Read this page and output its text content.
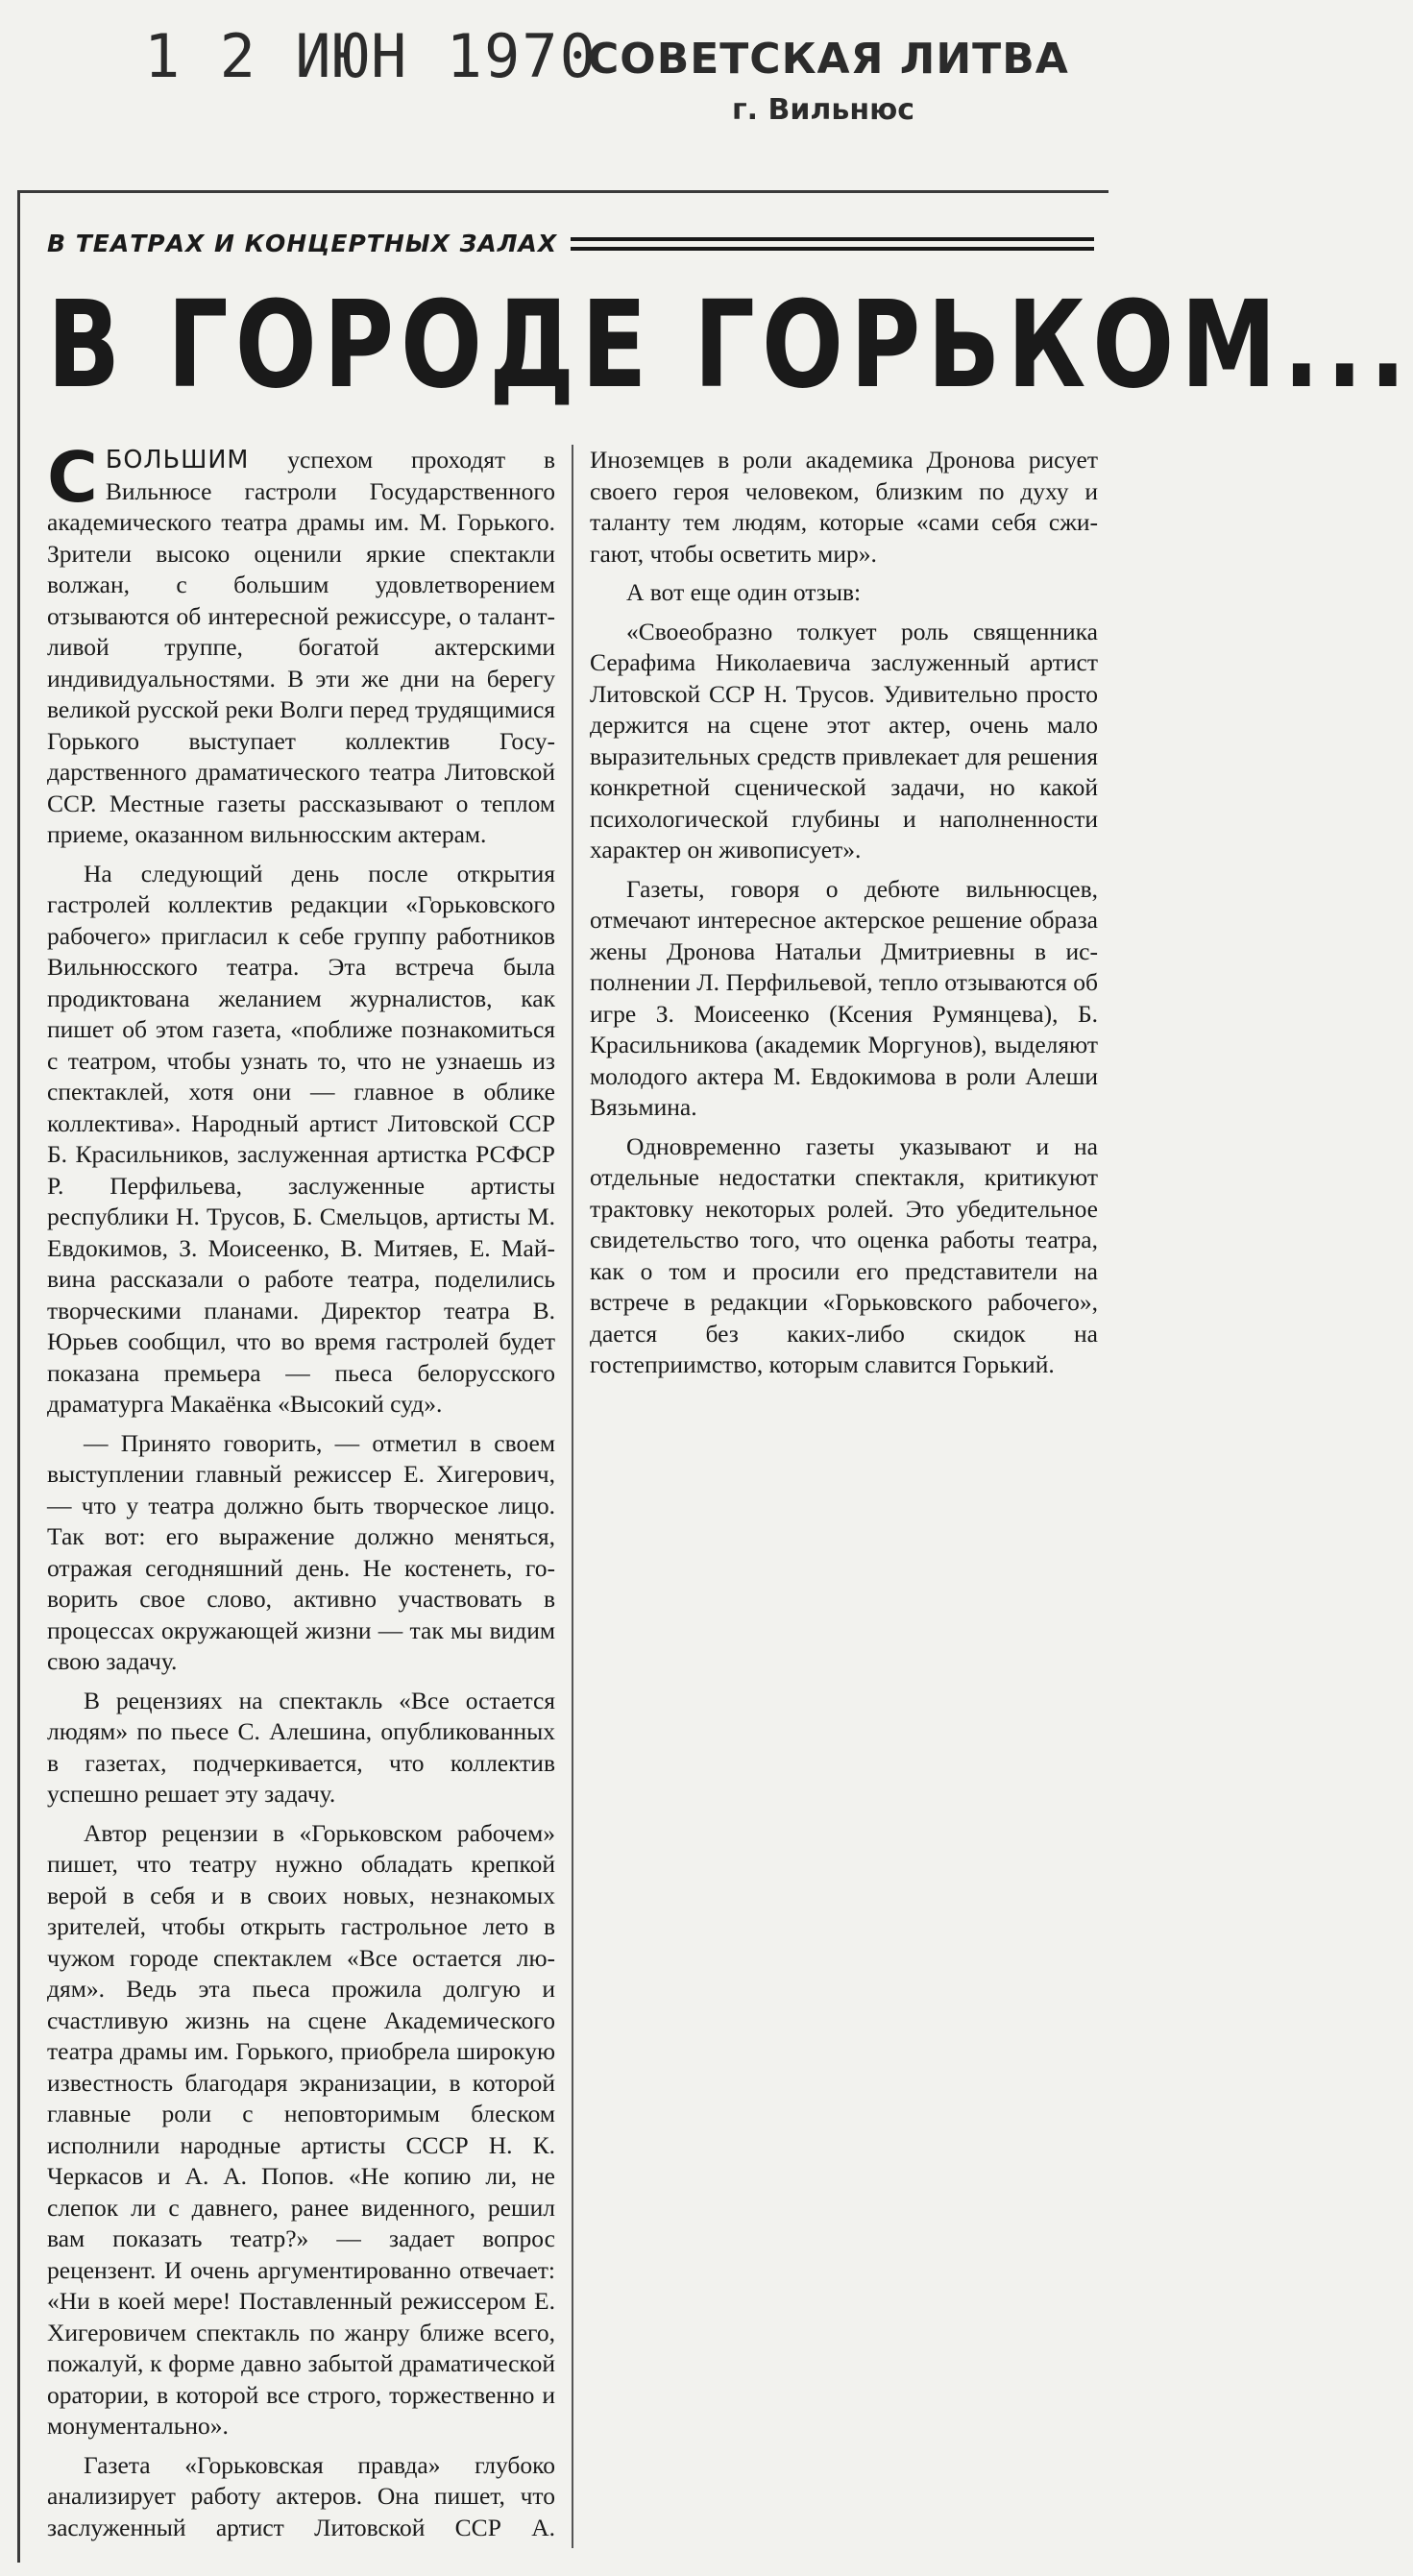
1 2 ИЮН 1970
СОВЕТСКАЯ ЛИТВА
г. Вильнюс
В ТЕАТРАХ И КОНЦЕРТНЫХ ЗАЛАХ
В ГОРОДЕ ГОРЬКОМ...

СБОЛЬШИМ успехом проходят в Вильнюсе гастроли Государственного академического театра драмы им. М. Горького. Зрители высоко оценили яркие спектакли волжан, с большим удовлетворением отзываются об интересной режиссуре, о талантливой труппе, богатой актерскими индивидуальностями. В эти же дни на берегу великой русской реки Волги перед трудящимися Горького выступает коллектив Государственного драматического театра Литовской ССР. Местные газеты рассказывают о теплом приеме, оказанном вильнюсским актерам.

На следующий день после открытия гастролей коллектив редакции «Горьковского рабочего» пригласил к себе группу работников Вильнюсского театра. Эта встреча была продиктована желанием журналистов, как пишет об этом газета, «поближе познакомиться с театром, чтобы узнать то, что не узнаешь из спектаклей, хотя они — главное в облике коллектива». Народный артист Литовской ССР Б. Красильников, заслуженная артистка РСФСР Р. Перфильева, заслуженные артисты республики Н. Трусов, Б. Смельцов, артисты М. Евдокимов, З. Моисеенко, В. Митяев, Е. Майвина рассказали о работе театра, поделились творческими планами. Директор театра В. Юрьев сообщил, что во время гастролей будет показана премьера — пьеса белорусского драматурга Макаёнка «Высокий суд».

— Принято говорить, — отметил в своем выступлении главный режиссер Е. Хигерович, — что у театра должно быть творческое лицо. Так вот: его выражение должно меняться, отражая сегодняшний день. Не костенеть, говорить свое слово, активно участвовать в процессах окружающей жизни — так мы видим свою задачу.

В рецензиях на спектакль «Все остается людям» по пьесе С. Алешина, опубликованных в газетах, подчеркивается, что коллектив успешно решает эту задачу.

Автор рецензии в «Горьковском рабочем» пишет, что театру нужно обладать крепкой верой в себя и в своих новых, незнакомых зрителей, чтобы открыть гастрольное лето в чужом городе спектаклем «Все остается людям». Ведь эта пьеса прожила долгую и счастливую жизнь на сцене Академического театра драмы им. Горького, приобрела широкую известность благодаря экранизации, в которой главные роли с неповторимым блеском исполнили народные артисты СССР Н. К. Черкасов и А. А. Попов. «Не копию ли, не слепок ли с давнего, ранее виденного, решил вам показать театр?» — задает вопрос рецензент. И очень аргументированно отвечает: «Ни в коей мере! Поставленный режиссером Е. Хигеровичем спектакль по жанру ближе всего, пожалуй, к форме давно забытой драматической оратории, в которой все строго, торжественно и монументально».

Газета «Горьковская правда» глубоко анализирует работу актеров. Она пишет, что заслуженный артист Литовской ССР А. Иноземцев в роли академика Дронова рисует своего героя человеком, близким по духу и таланту тем людям, которые «сами себя сжигают, чтобы осветить мир».

А вот еще один отзыв:

«Своеобразно толкует роль священника Серафима Николаевича заслуженный артист Литовской ССР Н. Трусов. Удивительно просто держится на сцене этот актер, очень мало выразительных средств привлекает для решения конкретной сценической задачи, но какой психологической глубины и наполненности характер он живописует».

Газеты, говоря о дебюте вильнюсцев, отмечают интересное актерское решение образа жены Дронова Натальи Дмитриевны в исполнении Л. Перфильевой, тепло отзываются об игре З. Моисеенко (Ксения Румянцева), Б. Красильникова (академик Моргунов), выделяют молодого актера М. Евдокимова в роли Алеши Вязьмина.

Одновременно газеты указывают и на отдельные недостатки спектакля, критикуют трактовку некоторых ролей. Это убедительное свидетельство того, что оценка работы театра, как о том и просили его представители на встрече в редакции «Горьковского рабочего», дается без каких-либо скидок на гостеприимство, которым славится Горький.
